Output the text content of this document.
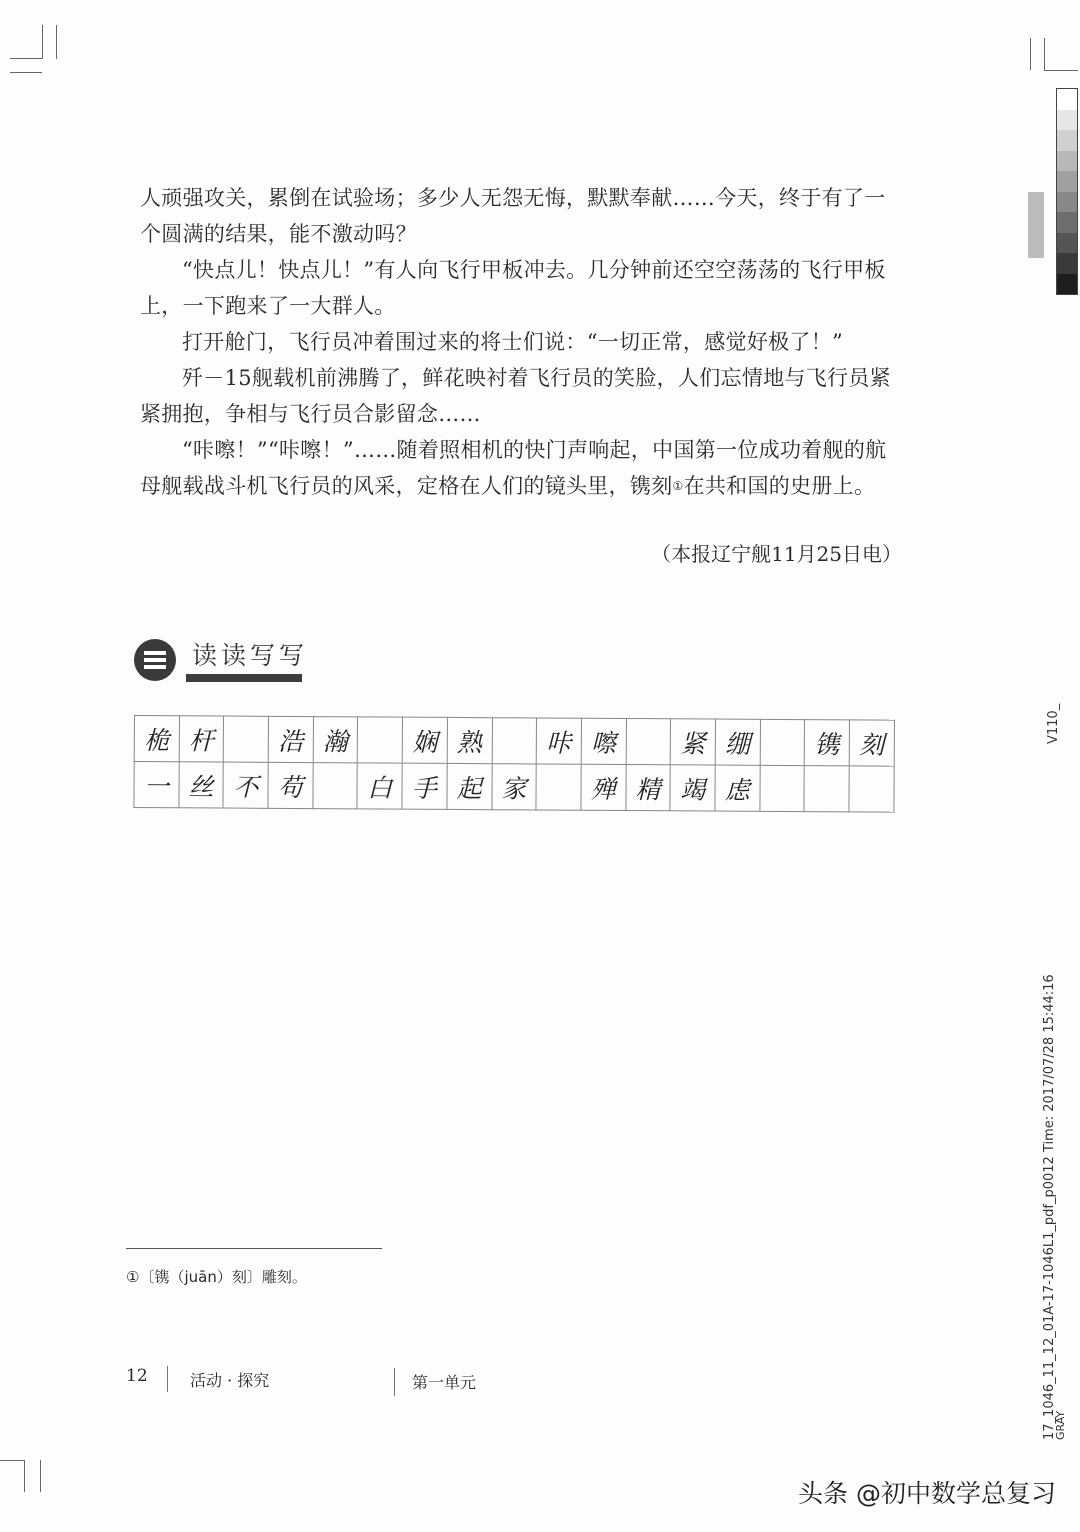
人顽强攻关，累倒在试验场；多少人无怨无悔，默默奉献……今天，终于有了一个圆满的结果，能不激动吗？

“快点儿！快点儿！”有人向飞行甲板冲去。几分钟前还空空荡荡的飞行甲板上，一下跑来了一大群人。

打开舱门，飞行员冲着围过来的将士们说：“一切正常，感觉好极了！”

歼－15舰载机前沸腾了，鲜花映衬着飞行员的笑脸，人们忘情地与飞行员紧紧拥抱，争相与飞行员合影留念……

“咔嚓！”“咔嚓！”……随着照相机的快门声响起，中国第一位成功着舰的航母舰载战斗机飞行员的风采，定格在人们的镜头里，镌刻①在共和国的史册上。

（本报辽宁舰11月25日电）
读读写写
桅	杆		浩	瀚		娴	熟		咔	嚓		紧	绷		镌	刻
一	丝	不	苟		白	手	起	家		殚	精	竭	虑			
①〔镌（juān）刻〕雕刻。
12	活动 · 探究	第一单元
V110_
17_1046_11_12_01A-17-1046L1_pdf_p0012 Time: 2017/07/28 15:44:16
GRAY
头条 @初中数学总复习
